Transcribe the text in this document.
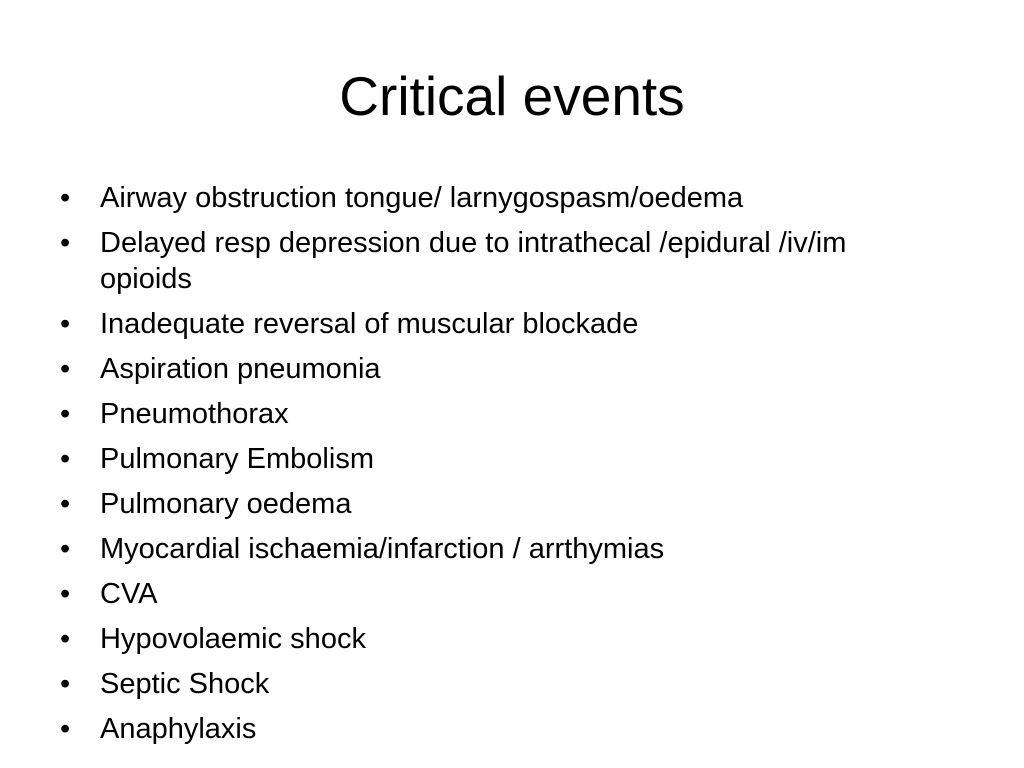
Critical events
•	Airway obstruction tongue/ larnygospasm/oedema
•	Delayed resp depression due to intrathecal /epidural /iv/im opioids
•	Inadequate reversal of muscular blockade
•	Aspiration pneumonia
•	Pneumothorax
•	Pulmonary Embolism
•	Pulmonary oedema
•	Myocardial ischaemia/infarction / arrthymias
•	CVA
•	Hypovolaemic shock
•	Septic Shock
•	Anaphylaxis
